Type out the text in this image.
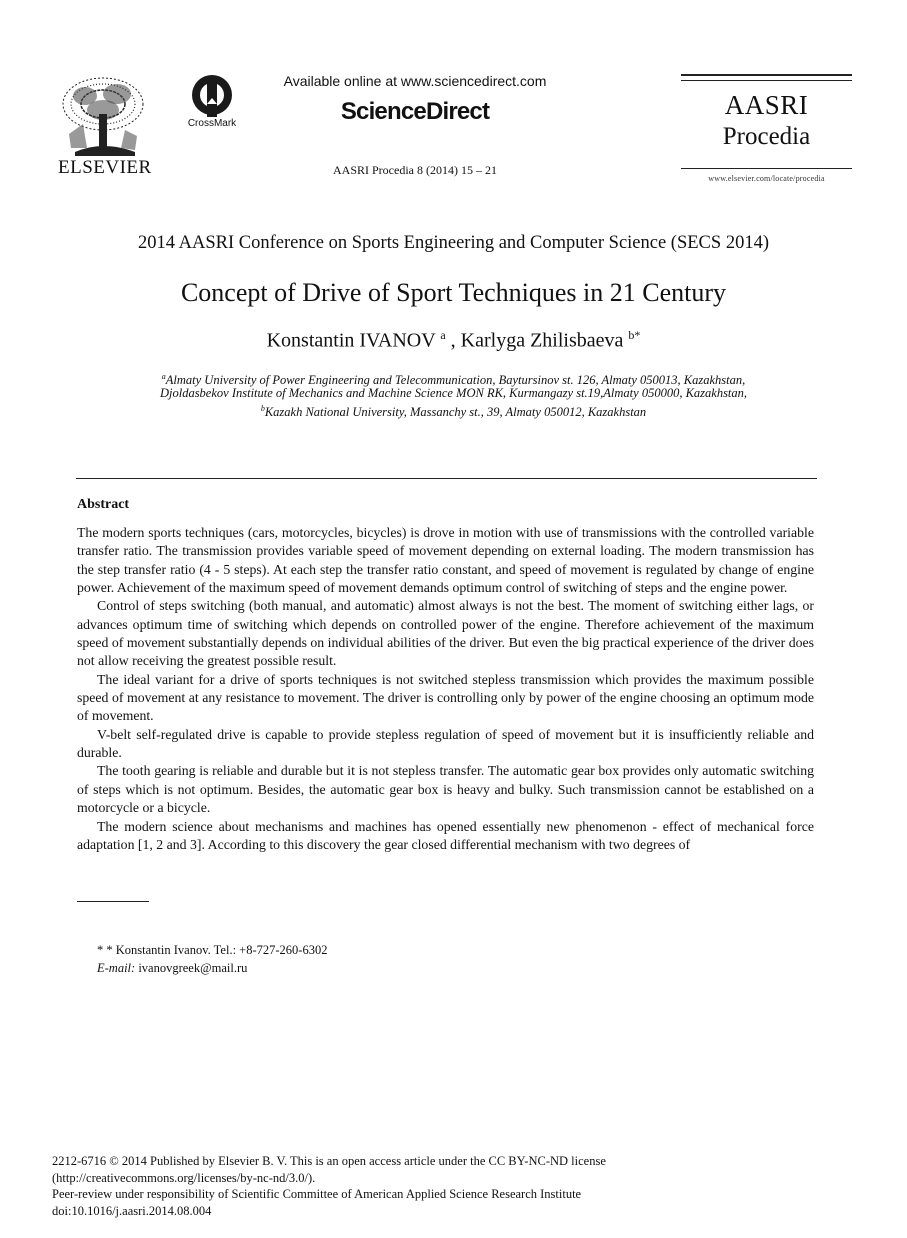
ELSEVIER
CrossMark
Available online at www.sciencedirect.com
ScienceDirect
AASRI Procedia 8 (2014) 15 – 21
AASRI
Procedia
www.elsevier.com/locate/procedia
2014 AASRI Conference on Sports Engineering and Computer Science (SECS 2014)
Concept of Drive of Sport Techniques in 21 Century
Konstantin IVANOV $^a$ , Karlyga Zhilisbaeva $^{b*}$
$^a$Almaty University of Power Engineering and Telecommunication, Baytursinov st. 126, Almaty 050013, Kazakhstan,
Djoldasbekov Institute of Mechanics and Machine Science MON RK, Kurmangazy st.19,Almaty 050000, Kazakhstan,
$^b$Kazakh National University, Massanchy st., 39, Almaty 050012, Kazakhstan
Abstract

The modern sports techniques (cars, motorcycles, bicycles) is drove in motion with use of transmissions with the controlled variable transfer ratio. The transmission provides variable speed of movement depending on external loading. The modern transmission has the step transfer ratio (4 - 5 steps). At each step the transfer ratio constant, and speed of movement is regulated by change of engine power. Achievement of the maximum speed of movement demands optimum control of switching of steps and the engine power.

Control of steps switching (both manual, and automatic) almost always is not the best. The moment of switching either lags, or advances optimum time of switching which depends on controlled power of the engine. Therefore achievement of the maximum speed of movement substantially depends on individual abilities of the driver. But even the big practical experience of the driver does not allow receiving the greatest possible result.

The ideal variant for a drive of sports techniques is not switched stepless transmission which provides the maximum possible speed of movement at any resistance to movement. The driver is controlling only by power of the engine choosing an optimum mode of movement.

V-belt self-regulated drive is capable to provide stepless regulation of speed of movement but it is insufficiently reliable and durable.

The tooth gearing is reliable and durable but it is not stepless transfer. The automatic gear box provides only automatic switching of steps which is not optimum. Besides, the automatic gear box is heavy and bulky. Such transmission cannot be established on a motorcycle or a bicycle.

The modern science about mechanisms and machines has opened essentially new phenomenon - effect of mechanical force adaptation [1, 2 and 3]. According to this discovery the gear closed differential mechanism with two degrees of

* * Konstantin Ivanov. Tel.: +8-727-260-6302
E-mail: ivanovgreek@mail.ru
2212-6716 © 2014 Published by Elsevier B. V. This is an open access article under the CC BY-NC-ND license
(http://creativecommons.org/licenses/by-nc-nd/3.0/).
Peer-review under responsibility of Scientific Committee of American Applied Science Research Institute
doi:10.1016/j.aasri.2014.08.004
